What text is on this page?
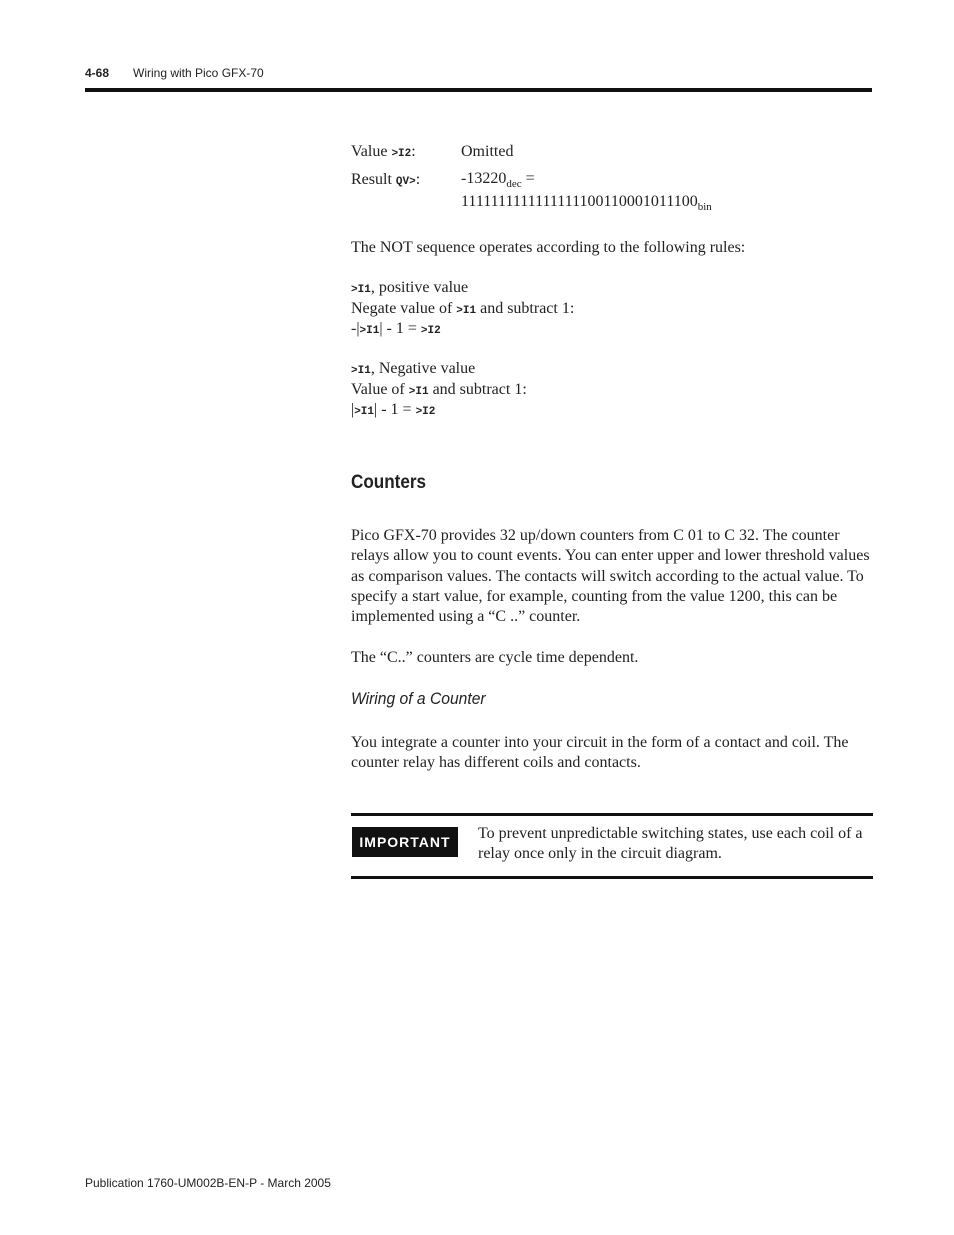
4-68 Wiring with Pico GFX-70
Value >I2:	Omitted
Result QV>:	$-13220_{dec}$ =
$1111111111111111100110001011100_{bin}$
The NOT sequence operates according to the following rules:
>I1, positive value
Negate value of >I1 and subtract 1:
-|>I1| - 1 = >I2
>I1, Negative value
Value of >I1 and subtract 1:
|>I1| - 1 = >I2
Counters
Pico GFX-70 provides 32 up/down counters from C 01 to C 32. The counter relays allow you to count events. You can enter upper and lower threshold values as comparison values. The contacts will switch according to the actual value. To specify a start value, for example, counting from the value 1200, this can be implemented using a “C ..” counter.
The “C..” counters are cycle time dependent.
Wiring of a Counter
You integrate a counter into your circuit in the form of a contact and coil. The counter relay has different coils and contacts.
IMPORTANT	To prevent unpredictable switching states, use each coil of a relay once only in the circuit diagram.
Publication 1760-UM002B-EN-P - March 2005
